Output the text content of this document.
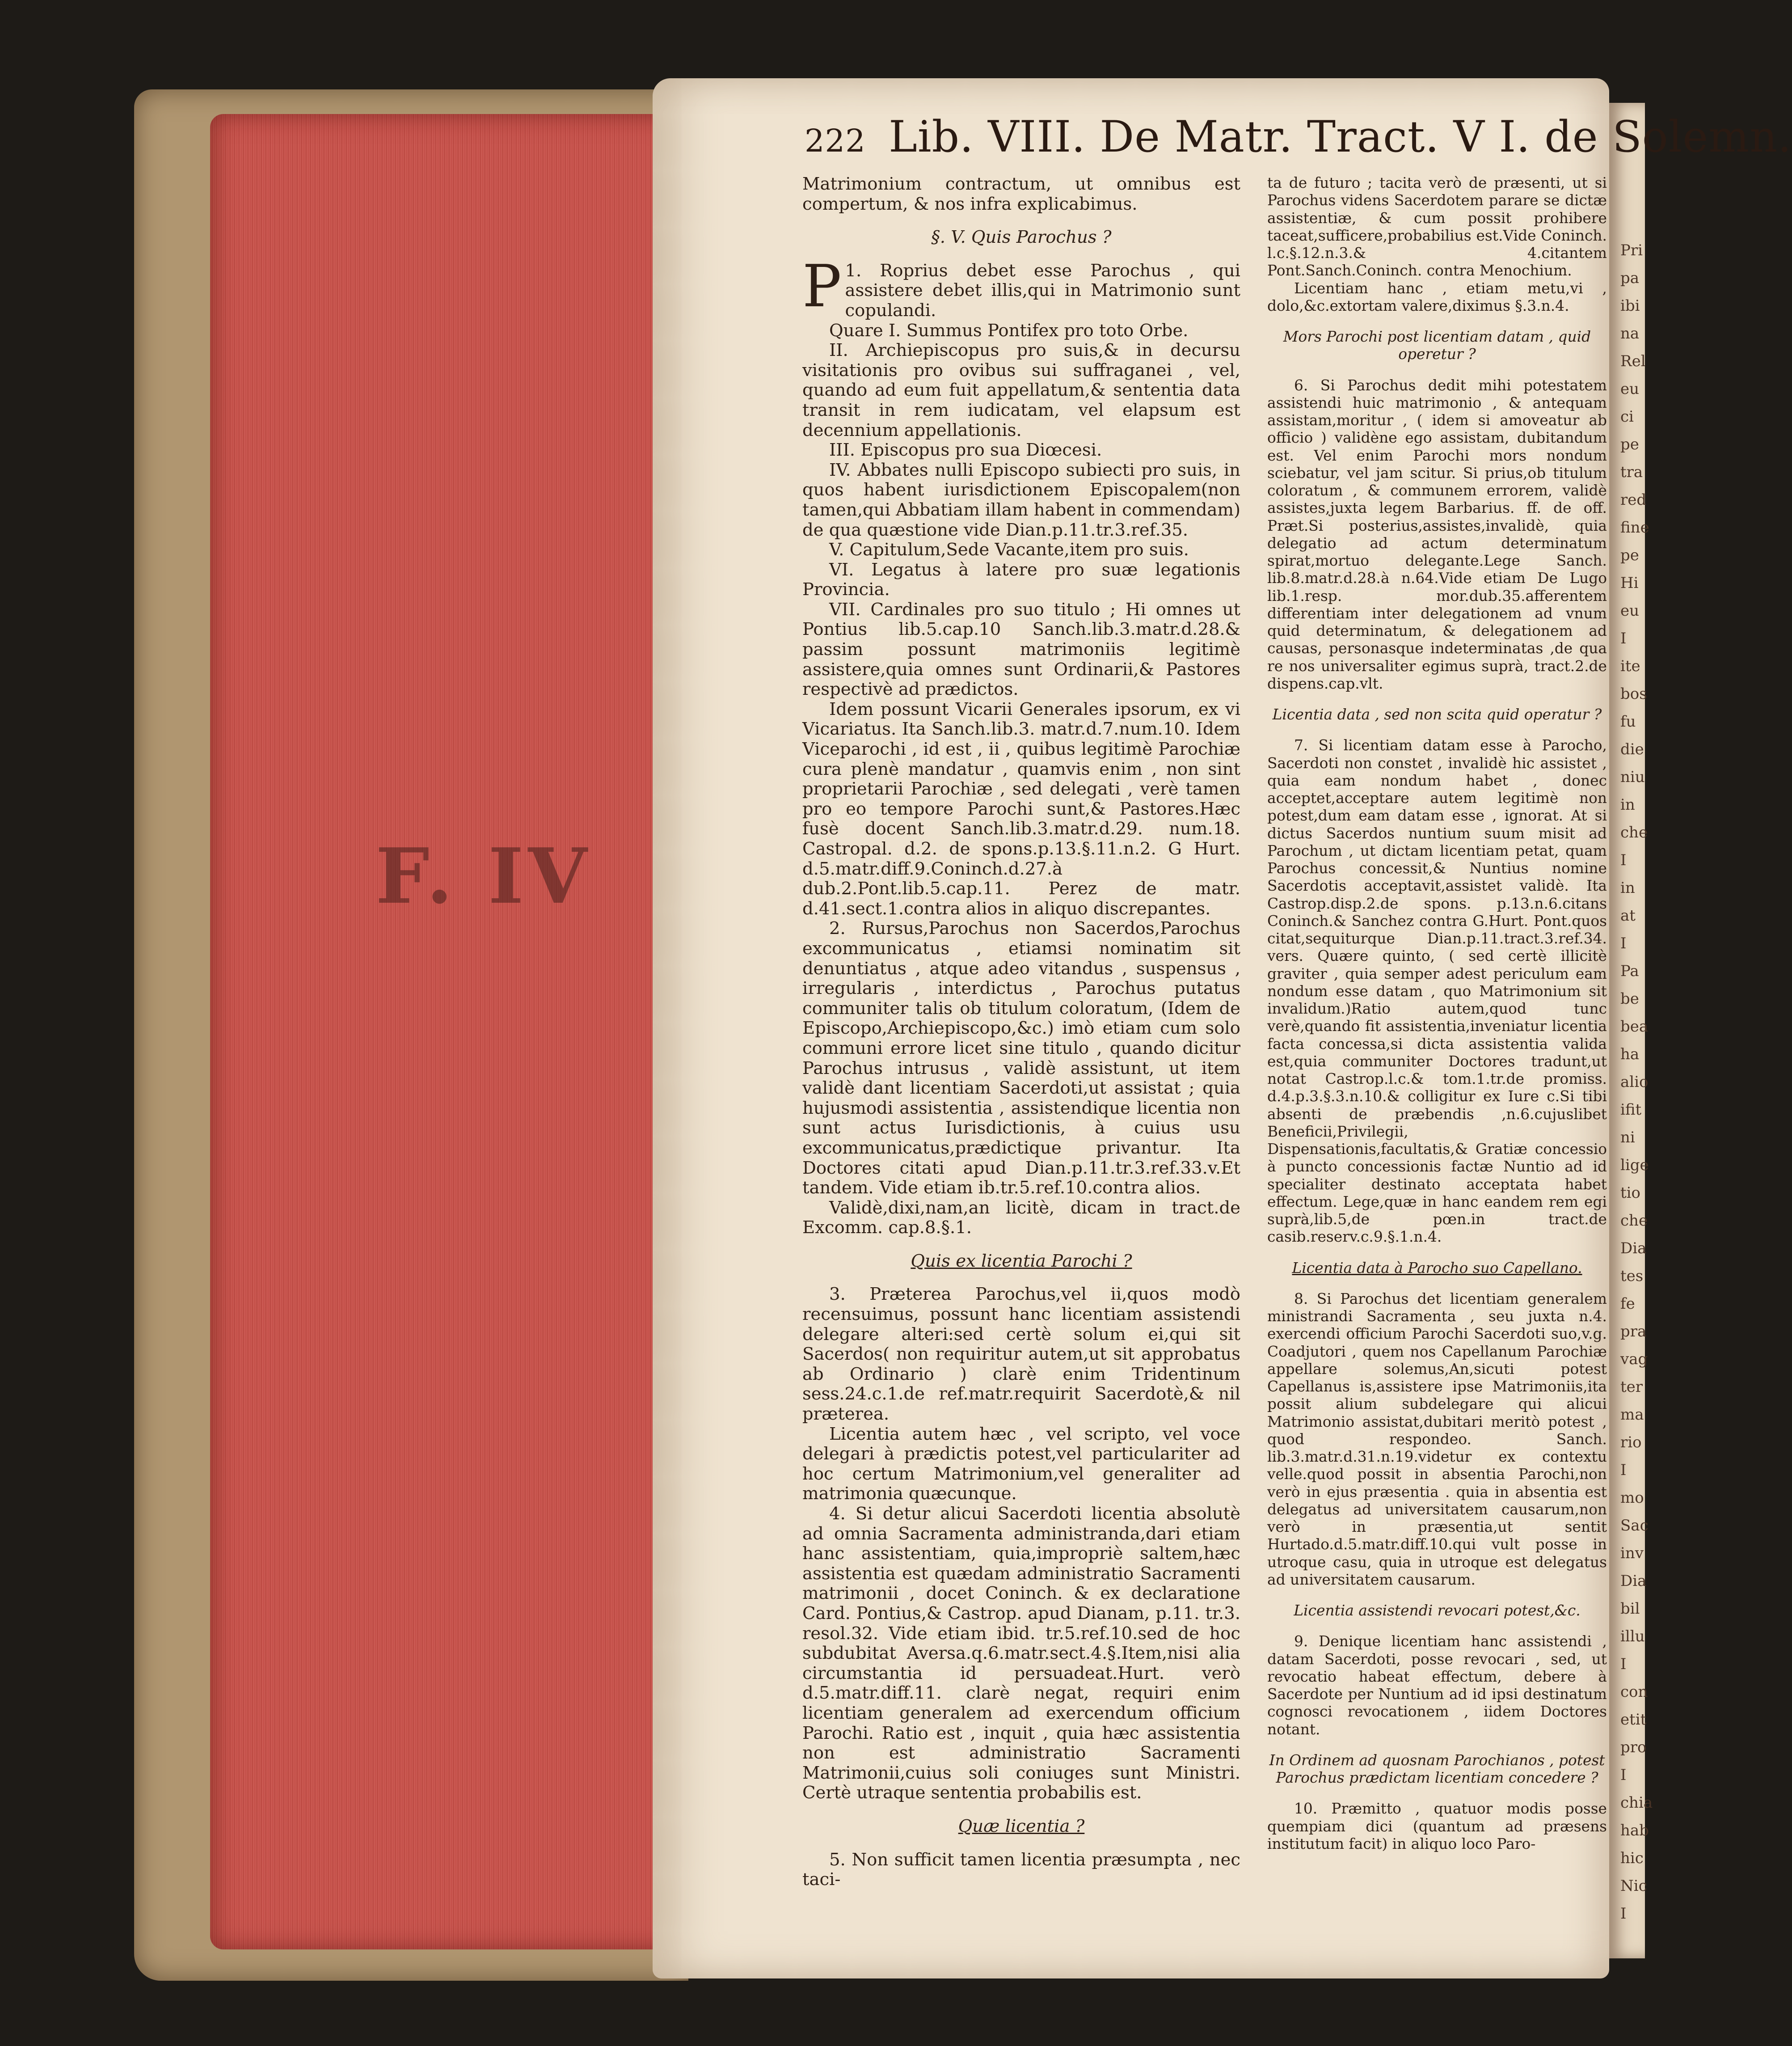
F. IV
Pri
pa
ibi
na
Rel
eu
ci
pe
tra
red
fine
pe
Hi
eu
I
ite
bos
fu
die
niu
in
che
I
in
at
I
Pa
be
bea
ha
alio
ifit
ni
lige
tio
che
Dia
tes
fe
pra
vag
ter
ma
rio
I
mo
Sac
inv
Dia
bil
illu
I
con
etit
pro
I
chia
hab
hic
Nic
I
222 Lib. VIII. De Matr. Tract. V I. de Solemn.

Matrimonium contractum, ut omnibus est compertum, & nos infra explicabimus.

§. V. Quis Parochus ?

P 1. Roprius debet esse Parochus , qui assistere debet illis,qui in Matrimonio sunt copulandi.

Quare I. Summus Pontifex pro toto Orbe.

II. Archiepiscopus pro suis,& in decursu visitationis pro ovibus sui suffraganei , vel, quando ad eum fuit appellatum,& sententia data transit in rem iudicatam, vel elapsum est decennium appellationis.

III. Episcopus pro sua Diœcesi.

IV. Abbates nulli Episcopo subiecti pro suis, in quos habent iurisdictionem Episcopalem(non tamen,qui Abbatiam illam habent in commendam) de qua quæstione vide Dian.p.11.tr.3.ref.35.

V. Capitulum,Sede Vacante,item pro suis.

VI. Legatus à latere pro suæ legationis Provincia.

VII. Cardinales pro suo titulo ; Hi omnes ut Pontius lib.5.cap.10 Sanch.lib.3.matr.d.28.& passim possunt matrimoniis legitimè assistere,quia omnes sunt Ordinarii,& Pastores respectivè ad prædictos.

Idem possunt Vicarii Generales ipsorum, ex vi Vicariatus. Ita Sanch.lib.3. matr.d.7.num.10. Idem Viceparochi , id est , ii , quibus legitimè Parochiæ cura plenè mandatur , quamvis enim , non sint proprietarii Parochiæ , sed delegati , verè tamen pro eo tempore Parochi sunt,& Pastores.Hæc fusè docent Sanch.lib.3.matr.d.29. num.18. Castropal. d.2. de spons.p.13.§.11.n.2. G Hurt. d.5.matr.diff.9.Coninch.d.27.à dub.2.Pont.lib.5.cap.11. Perez de matr. d.41.sect.1.contra alios in aliquo discrepantes.

2. Rursus,Parochus non Sacerdos,Parochus excommunicatus , etiamsi nominatim sit denuntiatus , atque adeo vitandus , suspensus , irregularis , interdictus , Parochus putatus communiter talis ob titulum coloratum, (Idem de Episcopo,Archiepiscopo,&c.) imò etiam cum solo communi errore licet sine titulo , quando dicitur Parochus intrusus , validè assistunt, ut item validè dant licentiam Sacerdoti,ut assistat ; quia hujusmodi assistentia , assistendique licentia non sunt actus Iurisdictionis, à cuius usu excommunicatus,prædictique privantur. Ita Doctores citati apud Dian.p.11.tr.3.ref.33.v.Et tandem. Vide etiam ib.tr.5.ref.10.contra alios.

Validè,dixi,nam,an licitè, dicam in tract.de Excomm. cap.8.§.1.

Quis ex licentia Parochi ?

3. Præterea Parochus,vel ii,quos modò recensuimus, possunt hanc licentiam assistendi delegare alteri:sed certè solum ei,qui sit Sacerdos( non requiritur autem,ut sit approbatus ab Ordinario ) clarè enim Tridentinum sess.24.c.1.de ref.matr.requirit Sacerdotè,& nil præterea.

Licentia autem hæc , vel scripto, vel voce delegari à prædictis potest,vel particulariter ad hoc certum Matrimonium,vel generaliter ad matrimonia quæcunque.

4. Si detur alicui Sacerdoti licentia absolutè ad omnia Sacramenta administranda,dari etiam hanc assistentiam, quia,impropriè saltem,hæc assistentia est quædam administratio Sacramenti matrimonii , docet Coninch. & ex declaratione Card. Pontius,& Castrop. apud Dianam, p.11. tr.3. resol.32. Vide etiam ibid. tr.5.ref.10.sed de hoc subdubitat Aversa.q.6.matr.sect.4.§.Item,nisi alia circumstantia id persuadeat.Hurt. verò d.5.matr.diff.11. clarè negat, requiri enim licentiam generalem ad exercendum officium Parochi. Ratio est , inquit , quia hæc assistentia non est administratio Sacramenti Matrimonii,cuius soli coniuges sunt Ministri. Certè utraque sententia probabilis est.

Quæ licentia ?

5. Non sufficit tamen licentia præsumpta , nec taci-

ta de futuro ; tacita verò de præsenti, ut si Parochus videns Sacerdotem parare se dictæ assistentiæ, & cum possit prohibere taceat,sufficere,probabilius est.Vide Coninch. l.c.§.12.n.3.& 4.citantem Pont.Sanch.Coninch. contra Menochium.

Licentiam hanc , etiam metu,vi , dolo,&c.extortam valere,diximus §.3.n.4.

Mors Parochi post licentiam datam , quid operetur ?

6. Si Parochus dedit mihi potestatem assistendi huic matrimonio , & antequam assistam,moritur , ( idem si amoveatur ab officio ) validène ego assistam, dubitandum est. Vel enim Parochi mors nondum sciebatur, vel jam scitur. Si prius,ob titulum coloratum , & communem errorem, validè assistes,juxta legem Barbarius. ff. de off. Præt.Si posterius,assistes,invalidè, quia delegatio ad actum determinatum spirat,mortuo delegante.Lege Sanch. lib.8.matr.d.28.à n.64.Vide etiam De Lugo lib.1.resp. mor.dub.35.afferentem differentiam inter delegationem ad vnum quid determinatum, & delegationem ad causas, personasque indeterminatas ,de qua re nos universaliter egimus suprà, tract.2.de dispens.cap.vlt.

Licentia data , sed non scita quid operatur ?

7. Si licentiam datam esse à Parocho, Sacerdoti non constet , invalidè hic assistet , quia eam nondum habet , donec acceptet,acceptare autem legitimè non potest,dum eam datam esse , ignorat. At si dictus Sacerdos nuntium suum misit ad Parochum , ut dictam licentiam petat, quam Parochus concessit,& Nuntius nomine Sacerdotis acceptavit,assistet validè. Ita Castrop.disp.2.de spons. p.13.n.6.citans Coninch.& Sanchez contra G.Hurt. Pont.quos citat,sequiturque Dian.p.11.tract.3.ref.34. vers. Quære quinto, ( sed certè illicitè graviter , quia semper adest periculum eam nondum esse datam , quo Matrimonium sit invalidum.)Ratio autem,quod tunc verè,quando fit assistentia,inveniatur licentia facta concessa,si dicta assistentia valida est,quia communiter Doctores tradunt,ut notat Castrop.l.c.& tom.1.tr.de promiss. d.4.p.3.§.3.n.10.& colligitur ex Iure c.Si tibi absenti de præbendis ,n.6.cujuslibet Beneficii,Privilegii, Dispensationis,facultatis,& Gratiæ concessio à puncto concessionis factæ Nuntio ad id specialiter destinato acceptata habet effectum. Lege,quæ in hanc eandem rem egi suprà,lib.5,de pœn.in tract.de casib.reserv.c.9.§.1.n.4.

Licentia data à Parocho suo Capellano.

8. Si Parochus det licentiam generalem ministrandi Sacramenta , seu juxta n.4. exercendi officium Parochi Sacerdoti suo,v.g. Coadjutori , quem nos Capellanum Parochiæ appellare solemus,An,sicuti potest Capellanus is,assistere ipse Matrimoniis,ita possit alium subdelegare qui alicui Matrimonio assistat,dubitari meritò potest , quod respondeo. Sanch. lib.3.matr.d.31.n.19.videtur ex contextu velle.quod possit in absentia Parochi,non verò in ejus præsentia . quia in absentia est delegatus ad universitatem causarum,non verò in præsentia,ut sentit Hurtado.d.5.matr.diff.10.qui vult posse in utroque casu, quia in utroque est delegatus ad universitatem causarum.

Licentia assistendi revocari potest,&c.

9. Denique licentiam hanc assistendi , datam Sacerdoti, posse revocari , sed, ut revocatio habeat effectum, debere à Sacerdote per Nuntium ad id ipsi destinatum cognosci revocationem , iidem Doctores notant.

In Ordinem ad quosnam Parochianos , potest Parochus prædictam licentiam concedere ?

10. Præmitto , quatuor modis posse quempiam dici (quantum ad præsens institutum facit) in aliquo loco Paro-
